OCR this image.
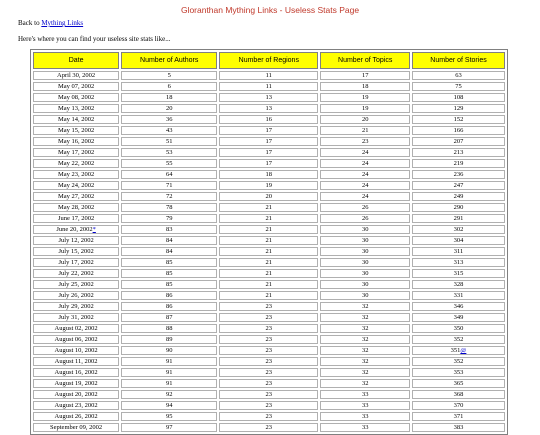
Gloranthan Mything Links - Useless Stats Page
Back to Mything Links
Here's where you can find your useless site stats like...
Date	Number of Authors	Number of Regions	Number of Topics	Number of Stories
April 30, 2002	5	11	17	63
May 07, 2002	6	11	18	75
May 08, 2002	18	13	19	108
May 13, 2002	20	13	19	129
May 14, 2002	36	16	20	152
May 15, 2002	43	17	21	166
May 16, 2002	51	17	23	207
May 17, 2002	53	17	24	213
May 22, 2002	55	17	24	219
May 23, 2002	64	18	24	236
May 24, 2002	71	19	24	247
May 27, 2002	72	20	24	249
May 28, 2002	78	21	26	290
June 17, 2002	79	21	26	291
June 20, 2002*	83	21	30	302
July 12, 2002	84	21	30	304
July 15, 2002	84	21	30	311
July 17, 2002	85	21	30	313
July 22, 2002	85	21	30	315
July 25, 2002	85	21	30	328
July 26, 2002	86	21	30	331
July 29, 2002	86	23	32	346
July 31, 2002	87	23	32	349
August 02, 2002	88	23	32	350
August 06, 2002	89	23	32	352
August 10, 2002	90	23	32	351@
August 11, 2002	91	23	32	352
August 16, 2002	91	23	32	353
August 19, 2002	91	23	32	365
August 20, 2002	92	23	33	368
August 23, 2002	94	23	33	370
August 26, 2002	95	23	33	371
September 09, 2002	97	23	33	383
